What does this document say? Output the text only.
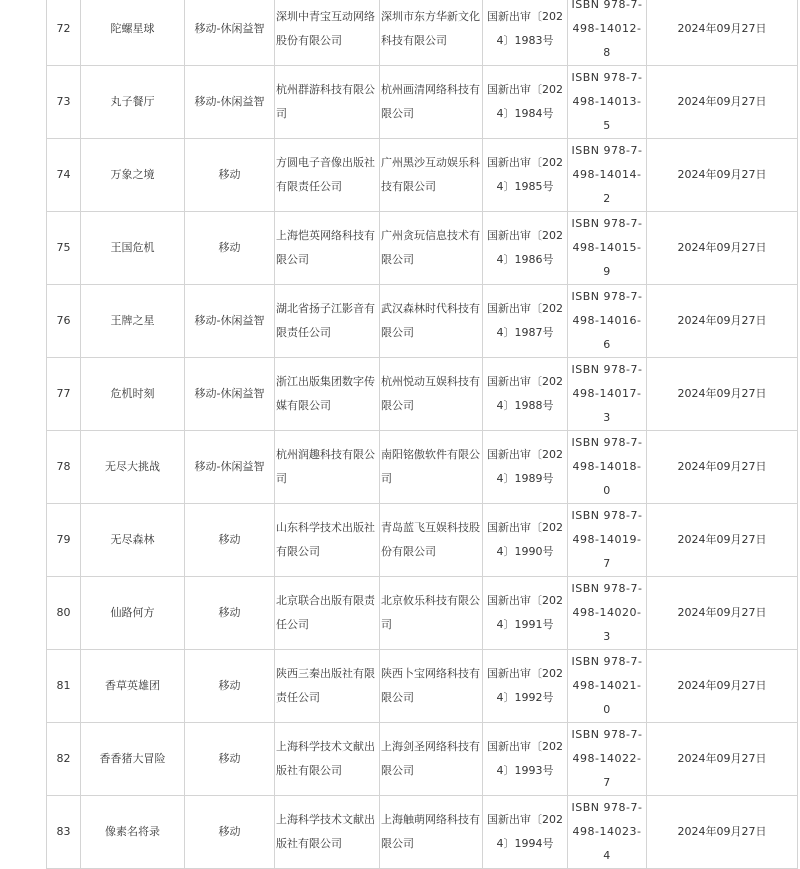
72	陀螺星球	移动-休闲益智	深圳中青宝互动网络股份有限公司	深圳市东方华新文化科技有限公司	国新出审〔2024〕1983号	ISBN 978-7-498-14012-8	2024年09月27日
73	丸子餐厅	移动-休闲益智	杭州群游科技有限公司	杭州画清网络科技有限公司	国新出审〔2024〕1984号	ISBN 978-7-498-14013-5	2024年09月27日
74	万象之境	移动	方圆电子音像出版社有限责任公司	广州黑沙互动娱乐科技有限公司	国新出审〔2024〕1985号	ISBN 978-7-498-14014-2	2024年09月27日
75	王国危机	移动	上海恺英网络科技有限公司	广州贪玩信息技术有限公司	国新出审〔2024〕1986号	ISBN 978-7-498-14015-9	2024年09月27日
76	王牌之星	移动-休闲益智	湖北省扬子江影音有限责任公司	武汉森林时代科技有限公司	国新出审〔2024〕1987号	ISBN 978-7-498-14016-6	2024年09月27日
77	危机时刻	移动-休闲益智	浙江出版集团数字传媒有限公司	杭州悦动互娱科技有限公司	国新出审〔2024〕1988号	ISBN 978-7-498-14017-3	2024年09月27日
78	无尽大挑战	移动-休闲益智	杭州润趣科技有限公司	南阳铭傲软件有限公司	国新出审〔2024〕1989号	ISBN 978-7-498-14018-0	2024年09月27日
79	无尽森林	移动	山东科学技术出版社有限公司	青岛蓝飞互娱科技股份有限公司	国新出审〔2024〕1990号	ISBN 978-7-498-14019-7	2024年09月27日
80	仙路何方	移动	北京联合出版有限责任公司	北京攸乐科技有限公司	国新出审〔2024〕1991号	ISBN 978-7-498-14020-3	2024年09月27日
81	香草英雄团	移动	陕西三秦出版社有限责任公司	陕西卜宝网络科技有限公司	国新出审〔2024〕1992号	ISBN 978-7-498-14021-0	2024年09月27日
82	香香猪大冒险	移动	上海科学技术文献出版社有限公司	上海剑圣网络科技有限公司	国新出审〔2024〕1993号	ISBN 978-7-498-14022-7	2024年09月27日
83	像素名将录	移动	上海科学技术文献出版社有限公司	上海触萌网络科技有限公司	国新出审〔2024〕1994号	ISBN 978-7-498-14023-4	2024年09月27日
